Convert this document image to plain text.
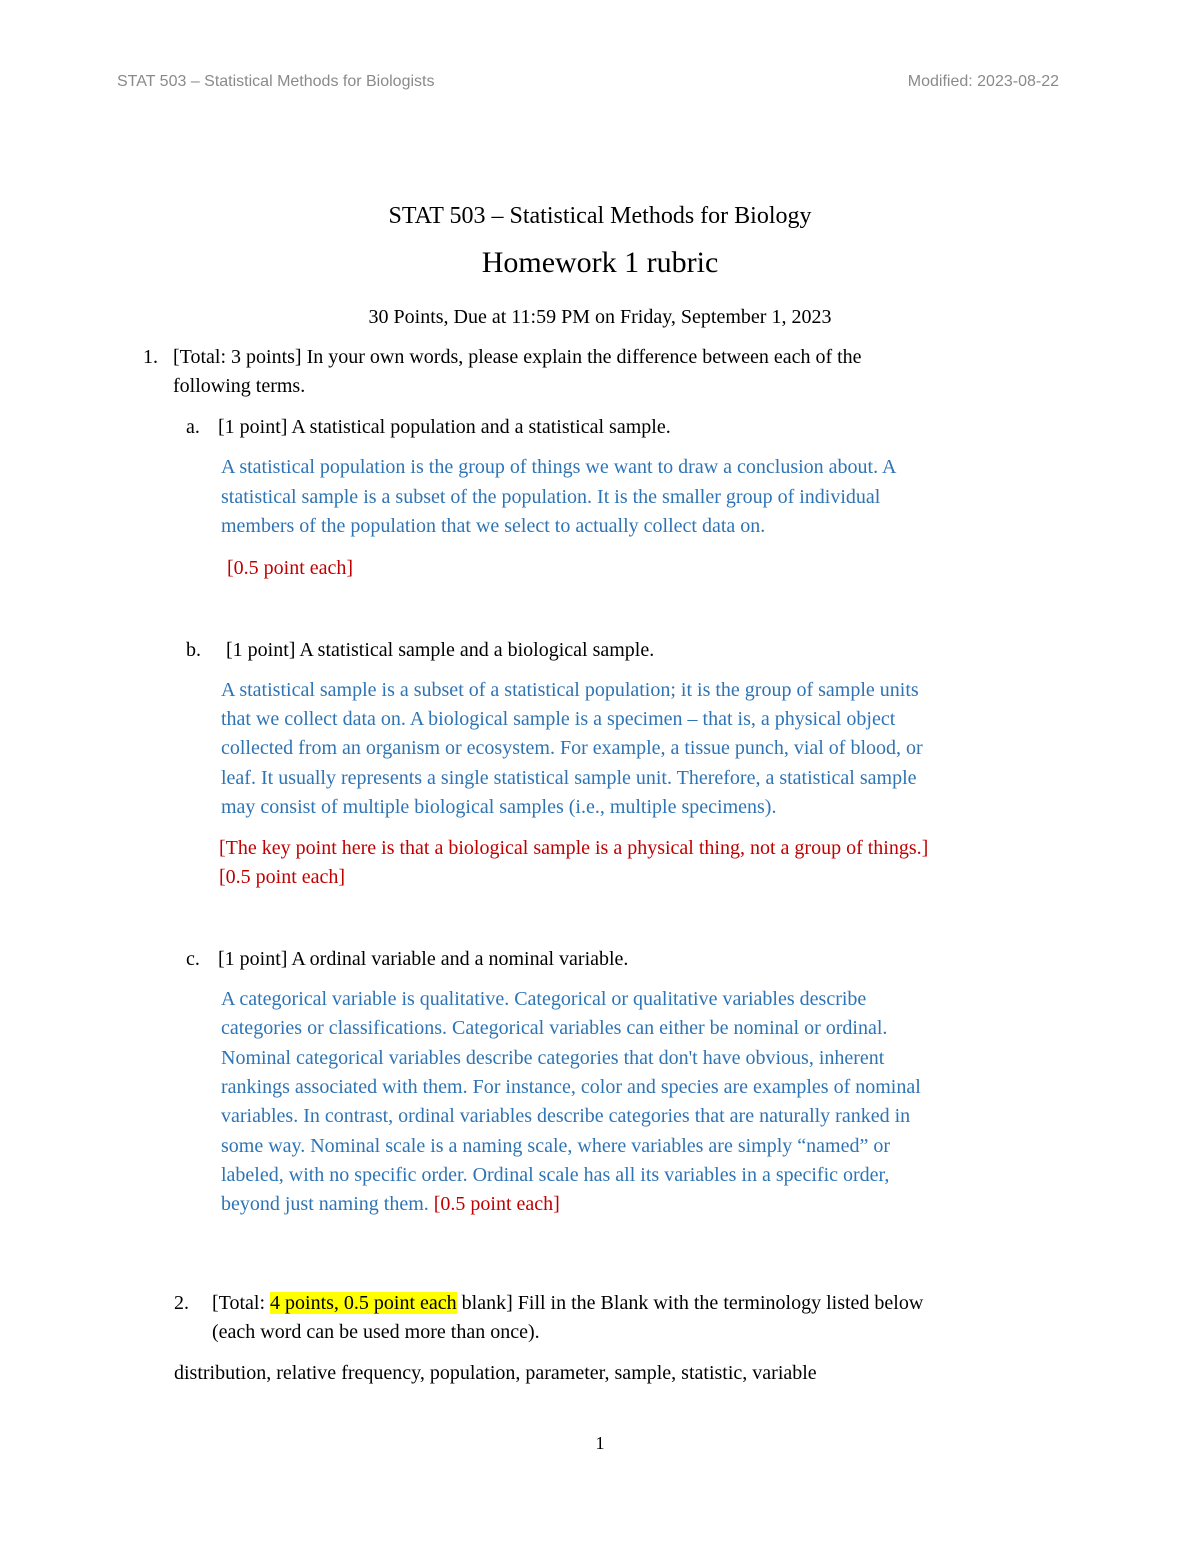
STAT 503 – Statistical Methods for Biologists	Modified: 2023-08-22
STAT 503 – Statistical Methods for Biology
Homework 1 rubric
30 Points, Due at 11:59 PM on Friday, September 1, 2023
1. [Total: 3 points] In your own words, please explain the difference between each of the
following terms.
a. [1 point] A statistical population and a statistical sample.
A statistical population is the group of things we want to draw a conclusion about. A
statistical sample is a subset of the population. It is the smaller group of individual
members of the population that we select to actually collect data on.
[0.5 point each]
b. [1 point] A statistical sample and a biological sample.
A statistical sample is a subset of a statistical population; it is the group of sample units
that we collect data on. A biological sample is a specimen – that is, a physical object
collected from an organism or ecosystem. For example, a tissue punch, vial of blood, or
leaf. It usually represents a single statistical sample unit. Therefore, a statistical sample
may consist of multiple biological samples (i.e., multiple specimens).
[The key point here is that a biological sample is a physical thing, not a group of things.]
[0.5 point each]
c. [1 point] A ordinal variable and a nominal variable.
A categorical variable is qualitative. Categorical or qualitative variables describe
categories or classifications. Categorical variables can either be nominal or ordinal.
Nominal categorical variables describe categories that don't have obvious, inherent
rankings associated with them. For instance, color and species are examples of nominal
variables. In contrast, ordinal variables describe categories that are naturally ranked in
some way. Nominal scale is a naming scale, where variables are simply “named” or
labeled, with no specific order. Ordinal scale has all its variables in a specific order,
beyond just naming them. [0.5 point each]
2. [Total: 4 points, 0.5 point each blank] Fill in the Blank with the terminology listed below
(each word can be used more than once).
distribution, relative frequency, population, parameter, sample, statistic, variable
1
